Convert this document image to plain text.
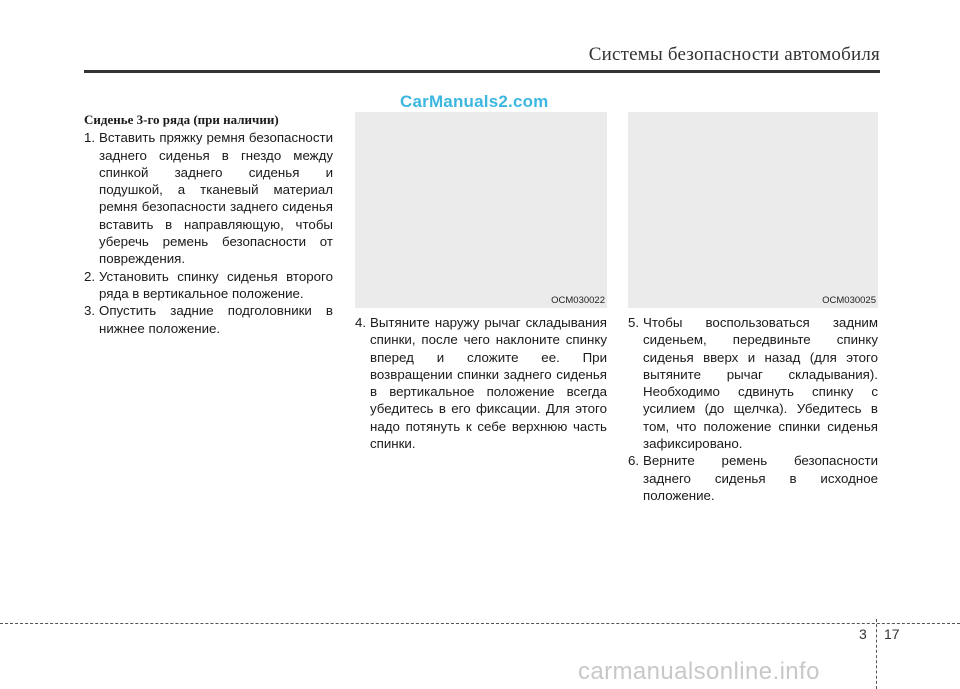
Системы безопасности автомобиля
CarManuals2.com
Сиденье 3-го ряда (при наличии)
1. Вставить пряжку ремня безопасности заднего сиденья в гнездо между спинкой заднего сиденья и подушкой, а тканевый материал ремня безопасности заднего сиденья вставить в направляющую, чтобы уберечь ремень безопасности от повреждения.
2. Установить спинку сиденья второго ряда в вертикальное положение.
3. Опустить задние подголовники в нижнее положение.
OCM030022	OCM030025
4. Вытяните наружу рычаг складывания спинки, после чего наклоните спинку вперед и сложите ее. При возвращении спинки заднего сиденья в вертикальное положение всегда убедитесь в его фиксации. Для этого надо потянуть к себе верхнюю часть спинки.
5. Чтобы воспользоваться задним сиденьем, передвиньте спинку сиденья вверх и назад (для этого вытяните рычаг складывания). Необходимо сдвинуть спинку с усилием (до щелчка). Убедитесь в том, что положение спинки сиденья зафиксировано.
6. Верните ремень безопасности заднего сиденья в исходное положение.
3 17
carmanualsonline.info
